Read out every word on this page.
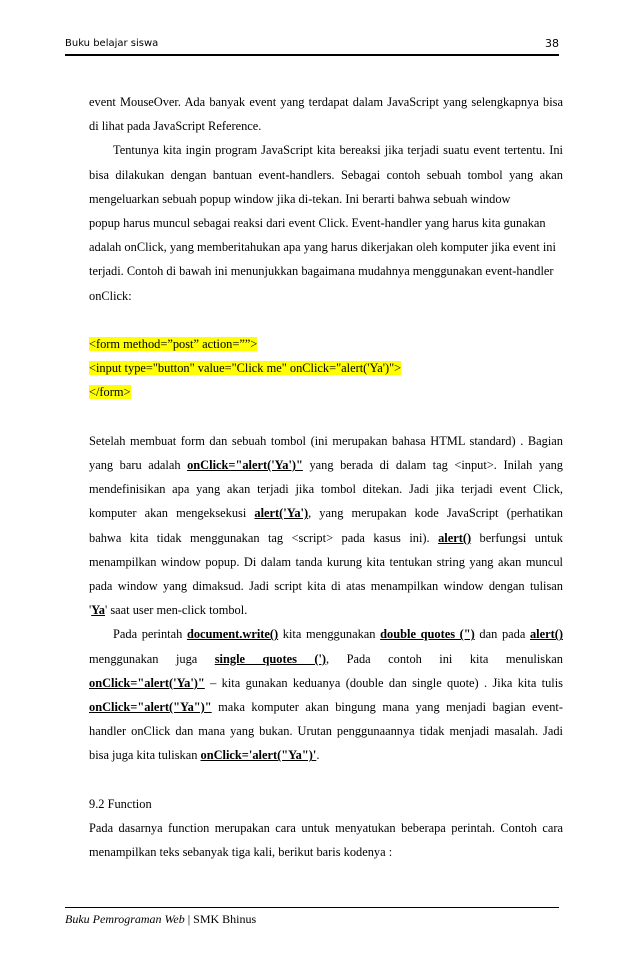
Buku belajar siswa	38

event MouseOver. Ada banyak event yang terdapat dalam JavaScript yang selengkapnya bisa
di lihat pada JavaScript Reference.

Tentunya kita ingin program JavaScript kita bereaksi jika terjadi suatu event tertentu. Ini
bisa dilakukan dengan bantuan event-handlers. Sebagai contoh sebuah tombol yang akan
mengeluarkan sebuah popup window jika di-tekan. Ini berarti bahwa sebuah window
popup harus muncul sebagai reaksi dari event Click. Event-handler yang harus kita gunakan
adalah onClick, yang memberitahukan apa yang harus dikerjakan oleh komputer jika event ini
terjadi. Contoh di bawah ini menunjukkan bagaimana mudahnya menggunakan event-handler
onClick:

<form method=”post” action=””>
<input type="button" value="Click me" onClick="alert('Ya')">
</form>

Setelah membuat form dan sebuah tombol (ini merupakan bahasa HTML standard) . Bagian
yang baru adalah onClick="alert('Ya')" yang berada di dalam tag <input>. Inilah yang
mendefinisikan apa yang akan terjadi jika tombol ditekan. Jadi jika terjadi event Click,
komputer akan mengeksekusi alert('Ya'), yang merupakan kode JavaScript (perhatikan
bahwa kita tidak menggunakan tag <script> pada kasus ini). alert() berfungsi untuk
menampilkan window popup. Di dalam tanda kurung kita tentukan string yang akan muncul
pada window yang dimaksud. Jadi script kita di atas menampilkan window dengan tulisan
'Ya' saat user men-click tombol.

Pada perintah document.write() kita menggunakan double quotes (") dan pada alert()
menggunakan juga single quotes ('), Pada contoh ini kita menuliskan
onClick="alert('Ya')" – kita gunakan keduanya (double dan single quote) . Jika kita tulis
onClick="alert("Ya")" maka komputer akan bingung mana yang menjadi bagian event-
handler onClick dan mana yang bukan. Urutan penggunaannya tidak menjadi masalah. Jadi
bisa juga kita tuliskan onClick='alert("Ya")'.

9.2 Function
Pada dasarnya function merupakan cara untuk menyatukan beberapa perintah. Contoh cara
menampilkan teks sebanyak tiga kali, berikut baris kodenya :

Buku Pemrograman Web | SMK Bhinus
